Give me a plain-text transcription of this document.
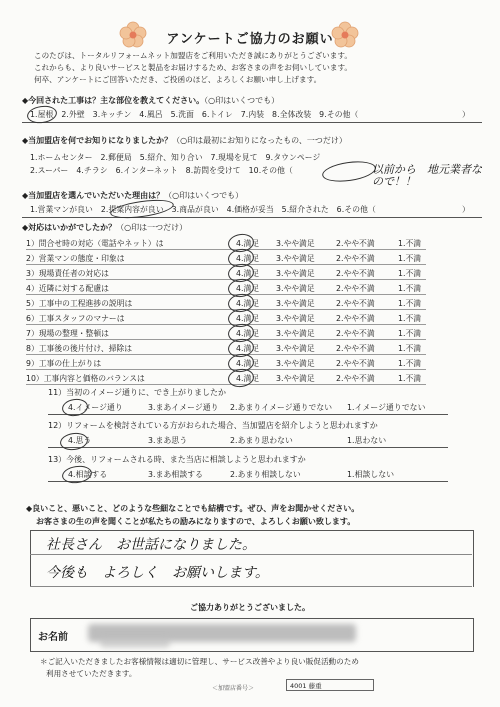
アンケートご協力のお願い
このたびは、トータルリフォームネット加盟店をご利用いただき誠にありがとうございます。
これからも、より良いサービスと製品をお届けするため、お客さまの声をお伺いしています。
何卒、アンケートにご回答いただき、ご投函のほど、よろしくお願い申し上げます。
◆今回された工事は？主な部位を教えてください。（○印はいくつでも）
1.屋根　2.外壁　3.キッチン　4.風呂　5.洗面　6.トイレ　7.内装　8.全体改装　9.その他（	）
◆当加盟店を何でお知りになりましたか？（○印は最初にお知りになったもの、一つだけ）
1.ホームセンター　2.郵便局　5.紹介、知り合い　7.現場を見て　9.タウンページ
2.スーパー　4.チラシ　6.インターネット　8.訪問を受けて　10.その他（	以前から　地元業者なので！！
◆当加盟店を選んでいただいた理由は？（○印はいくつでも）
1.営業マンが良い　2.提案内容が良い　3.商品が良い　4.価格が妥当　5.紹介された　6.その他（	）
◆対応はいかがでしたか？（○印は一つだけ）
1）問合せ時の対応（電話やネット）は	4.満足 3.やや満足	2.やや不満	1.不満
2）営業マンの態度・印象は	4.満足 3.やや満足	2.やや不満	1.不満
3）現場責任者の対応は	4.満足 3.やや満足	2.やや不満	1.不満
4）近隣に対する配慮は	4.満足 3.やや満足	2.やや不満	1.不満
5）工事中の工程進捗の説明は	4.満足 3.やや満足	2.やや不満	1.不満
6）工事スタッフのマナーは	4.満足 3.やや満足	2.やや不満	1.不満
7）現場の整理・整頓は	4.満足 3.やや満足	2.やや不満	1.不満
8）工事後の後片付け、掃除は	4.満足 3.やや満足	2.やや不満	1.不満
9）工事の仕上がりは	4.満足 3.やや満足	2.やや不満	1.不満
10）工事内容と価格のバランスは	4.満足 3.やや満足	2.やや不満	1.不満
11）当初のイメージ通りに、でき上がりましたか
4.イメージ通り	3.まあイメージ通り 2.あまりイメージ通りでない 1.イメージ通りでない
12）リフォームを検討されている方がおられた場合、当加盟店を紹介しようと思われますか
4.思う	3.まあ思う	2.あまり思わない	1.思わない
13）今後、リフォームされる時、また当店に相談しようと思われますか
4.相談する	3.まあ相談する	2.あまり相談しない	1.相談しない
◆良いこと、悪いこと、どのような些細なことでも結構です。ぜひ、声をお聞かせください。
お客さまの生の声を聞くことが私たちの励みになりますので、よろしくお願い致します。
社長さん　お世話になりました。
今後も　よろしく　お願いします。
ご協力ありがとうございました。
お名前
＊ご記入いただきましたお客様情報は適切に管理し、サービス改善やより良い販促活動のため
利用させていただきます。
＜加盟店番号＞	4001 藤重
